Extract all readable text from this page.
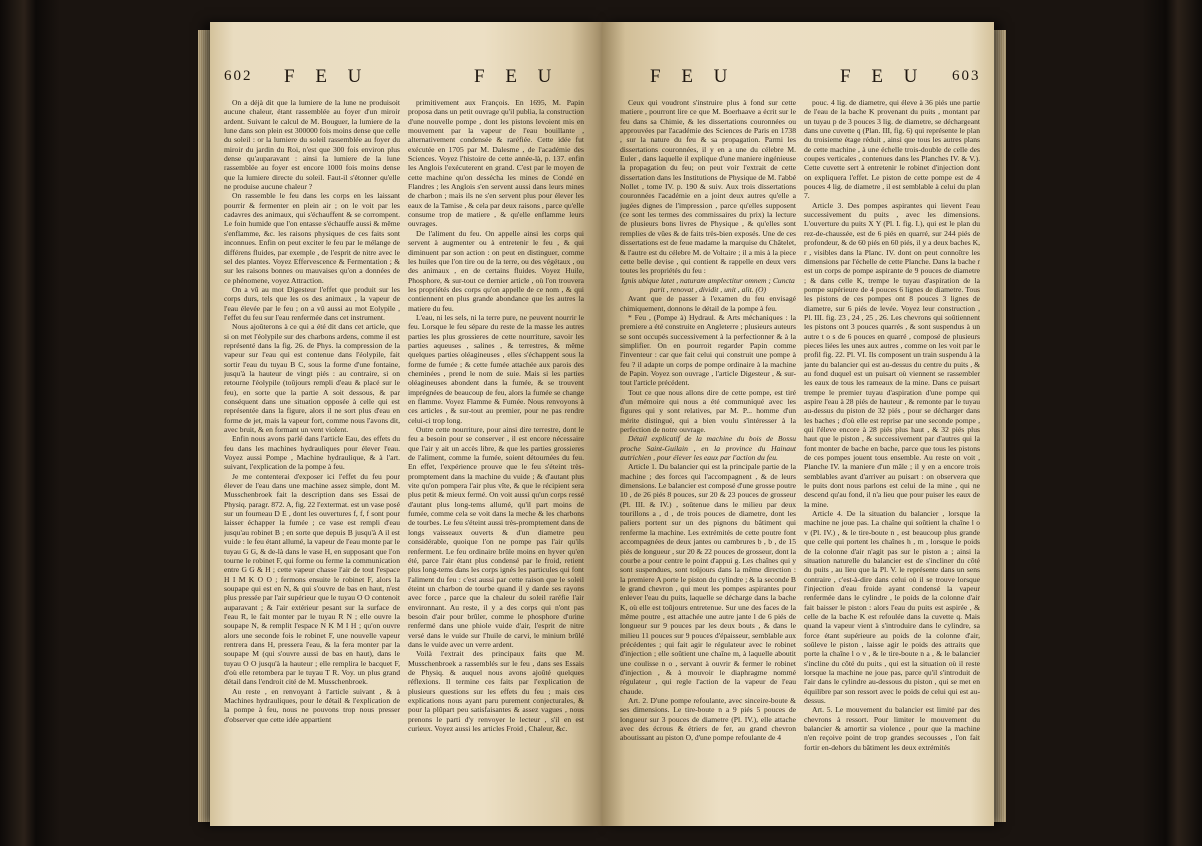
602 F E U	F E U

On a déjà dit que la lumiere de la lune ne produisoit aucune chaleur, étant rassemblée au foyer d'un miroir ardent. Suivant le calcul de M. Bouguer, la lumiere de la lune dans son plein est 300000 fois moins dense que celle du soleil : or la lumiere du soleil rassemblée au foyer du miroir du jardin du Roi, n'est que 300 fois environ plus dense qu'auparavant : ainsi la lumiere de la lune rassemblée au foyer est encore 1000 fois moins dense que la lumiere directe du soleil. Faut-il s'étonner qu'elle ne produise aucune chaleur ?

On rassemble le feu dans les corps en les laissant pourrir & fermenter en plein air ; on le voit par les cadavres des animaux, qui s'échauffent & se corrompent. Le foin humide que l'on entasse s'échauffe aussi & même s'enflamme, &c. les raisons physiques de ces faits sont inconnues. Enfin on peut exciter le feu par le mélange de différens fluides, par exemple , de l'esprit de nitre avec le sel des plantes. Voyez Effervescence & Fermentation ; & sur les raisons bonnes ou mauvaises qu'on a données de ce phénomene, voyez Attraction.

On a vû au mot Digesteur l'effet que produit sur les corps durs, tels que les os des animaux , la vapeur de l'eau élevée par le feu ; on a vû aussi au mot Eolypile , l'effet du feu sur l'eau renfermée dans cet instrument.

Nous ajoûterons à ce qui a été dit dans cet article, que si on met l'éolypile sur des charbons ardens, comme il est représenté dans la fig. 26. de Phys. la compression de la vapeur sur l'eau qui est contenue dans l'éolypile, fait sortir l'eau du tuyau B C, sous la forme d'une fontaine, jusqu'à la hauteur de vingt piés : au contraire, si on retourne l'éolypile (toûjours rempli d'eau & placé sur le feu), en sorte que la partie A soit dessous, & par conséquent dans une situation opposée à celle qui est représentée dans la figure, alors il ne sort plus d'eau en forme de jet, mais la vapeur fort, comme nous l'avons dit, avec bruit, & en formant un vent violent.

Enfin nous avons parlé dans l'article Eau, des effets du feu dans les machines hydrauliques pour élever l'eau. Voyez aussi Pompe , Machine hydraulique, & à l'art. suivant, l'explication de la pompe à feu.

Je me contenterai d'exposer ici l'effet du feu pour élever de l'eau dans une machine assez simple, dont M. Musschenbroek fait la description dans ses Essai de Physiq. paragr. 872. A, fig. 22 l'extermat. est un vase posé sur un fourneau D E , dont les ouvertures f, f, f sont pour laisser échapper la fumée ; ce vase est rempli d'eau jusqu'au robinet B ; en sorte que depuis B jusqu'à A il est vuide : le feu étant allumé, la vapeur de l'eau monte par le tuyau G G, & de-là dans le vase H, en supposant que l'on tourne le robinet F, qui forme ou ferme la communication entre G G & H ; cette vapeur chasse l'air de tout l'espace H I M K O O ; fermons ensuite le robinet F, alors la soupape qui est en N, & qui s'ouvre de bas en haut, n'est plus pressée par l'air supérieur que le tuyau O O contenoit auparavant ; & l'air extérieur pesant sur la surface de l'eau R, le fait monter par le tuyau R N ; elle ouvre la soupape N, & remplit l'espace N K M I H ; qu'on ouvre alors une seconde fois le robinet F, une nouvelle vapeur rentrera dans H, pressera l'eau, & la fera monter par la soupape M (qui s'ouvre aussi de bas en haut), dans le tuyau O O jusqu'à la hauteur ; elle remplira le bacquet F, d'où elle retombera par le tuyau T R. Voy. un plus grand détail dans l'endroit cité de M. Musschenbroek.

Au reste , en renvoyant à l'article suivant , & à Machines hydrauliques, pour le détail & l'explication de la pompe à feu, nous ne pouvons trop nous presser d'observer que cette idée appartient

primitivement aux François. En 1695, M. Papin proposa dans un petit ouvrage qu'il publia, la construction d'une nouvelle pompe , dont les pistons levoient mis en mouvement par la vapeur de l'eau bouillante , alternativement condensée & raréfiée. Cette idée fut exécutée en 1705 par M. Dalesme , de l'académie des Sciences. Voyez l'histoire de cette année-là, p. 137. enfin les Anglois l'exécuterent en grand. C'est par le moyen de cette machine qu'on dessécha les mines de Condé en Flandres ; les Anglois s'en servent aussi dans leurs mines de charbon ; mais ils ne s'en servent plus pour élever les eaux de la Tamise , & cela par deux raisons , parce qu'elle consume trop de matiere , & qu'elle enflamme leurs ouvrages.

De l'aliment du feu. On appelle ainsi les corps qui servent à augmenter ou à entretenir le feu , & qui diminuent par son action : on peut en distinguer, comme les huiles que l'on tire ou de la terre, ou des végétaux , ou des animaux , en de certains fluides. Voyez Huile, Phosphore, & sur-tout ce dernier article , où l'on trouvera les propriétés des corps qu'on appelle de ce nom , & qui contiennent en plus grande abondance que les autres la matiere du feu.

L'eau, ni les sels, ni la terre pure, ne peuvent nourrir le feu. Lorsque le feu sépare du reste de la masse les autres parties les plus grossieres de cette nourriture, savoir les parties aqueuses , salines , & terrestres, & même quelques parties oléagineuses , elles s'échappent sous la forme de fumée ; & cette fumée attachée aux parois des cheminées , prend le nom de suie. Mais si les parties oléagineuses abondent dans la fumée, & se trouvent imprégnées de beaucoup de feu, alors la fumée se change en flamme. Voyez Flamme & Fumée. Nous renvoyons à ces articles , & sur-tout au premier, pour ne pas rendre celui-ci trop long.

Outre cette nourriture, pour ainsi dire terrestre, dont le feu a besoin pour se conserver , il est encore nécessaire que l'air y ait un accès libre, & que les parties grossieres de l'aliment, comme la fumée, soient détournées du feu. En effet, l'expérience prouve que le feu s'éteint très-promptement dans la machine du vuide ; & d'autant plus vite qu'on pompera l'air plus vîte, & que le récipient sera plus petit & mieux fermé. On voit aussi qu'un corps ressé d'autant plus long-tems allumé, qu'il part moins de fumée, comme cela se voit dans la meche & les charbons de tourbes. Le feu s'éteint aussi très-promptement dans de longs vaisseaux ouverts & d'un diametre peu considérable, quoique l'on ne pompe pas l'air qu'ils renferment. Le feu ordinaire brûle moins en hyver qu'en été, parce l'air étant plus condensé par le froid, retient plus long-tems dans les corps ignés les particules qui font l'aliment du feu : c'est aussi par cette raison que le soleil éteint un charbon de tourbe quand il y darde ses rayons avec force , parce que la chaleur du soleil raréfie l'air environnant. Au reste, il y a des corps qui n'ont pas besoin d'air pour brûler, comme le phosphore d'urine renfermé dans une phiole vuide d'air, l'esprit de nitre versé dans le vuide sur l'huile de carvi, le minium brûlé dans le vuide avec un verre ardent.

Voilà l'extrait des principaux faits que M. Musschenbroek a rassemblés sur le feu , dans ses Essais de Physiq. & auquel nous avons ajoûté quelques réflexions. Il termine ces faits par l'explication de plusieurs questions sur les effets du feu ; mais ces explications nous ayant paru purement conjecturales, & pour la plûpart peu satisfaisantes & assez vagues , nous prenons le parti d'y renvoyer le lecteur , s'il en est curieux. Voyez aussi les articles Froid , Chaleur, &c.

F E U	F E U 603

Ceux qui voudront s'instruire plus à fond sur cette matiere , pourront lire ce que M. Boerhaave a écrit sur le feu dans sa Chimie, & les dissertations couronnées ou approuvées par l'académie des Sciences de Paris en 1738 , sur la nature du feu & sa propagation. Parmi les dissertations couronnées, il y en a une du célebre M. Euler , dans laquelle il explique d'une maniere ingénieuse la propagation du feu; on peut voir l'extrait de cette dissertation dans les Institutions de Physique de M. l'abbé Nollet , tome IV. p. 190 & suiv. Aux trois dissertations couronnées l'académie en a joint deux autres qu'elle a jugées dignes de l'impression , parce qu'elles supposent (ce sont les termes des commissaires du prix) la lecture de plusieurs bons livres de Physique , & qu'elles sont remplies de vûes & de faits très-bien exposés. Une de ces dissertations est de feue madame la marquise du Châtelet, & l'autre est du célebre M. de Voltaire ; il a mis à la piece cette belle devise , qui contient & rappelle en deux vers toutes les propriétés du feu :

Ignis ubique latet , naturam amplectitur omnem ; Cuncta parit , renovat , dividit , unit , alit. (O)

Avant que de passer à l'examen du feu envisagé chimiquement, donnons le détail de la pompe à feu.

* Feu , (Pompe à) Hydraul. & Arts méchaniques : la premiere a été construite en Angleterre ; plusieurs auteurs se sont occupés successivement à la perfectionner & à la simplifier. On en pourroit regarder Papin comme l'inventeur : car que fait celui qui construit une pompe à feu ? il adapte un corps de pompe ordinaire à la machine de Papin. Voyez son ouvrage , l'article Digesteur , & sur-tout l'article précédent.

Tout ce que nous allons dire de cette pompe, est tiré d'un mémoire qui nous a été communiqué avec les figures qui y sont relatives, par M. P... homme d'un mérite distingué, qui a bien voulu s'intéresser à la perfection de notre ouvrage.

Détail explicatif de la machine du bois de Bossu proche Saint-Guilain , en la province du Hainaut autrichien , pour élever les eaux par l'action du feu.

Article 1. Du balancier qui est la principale partie de la machine ; des forces qui l'accompagnent , & de leurs dimensions. Le balancier est composé d'une grosse poutre 10 , de 26 piés 8 pouces, sur 20 & 23 pouces de grosseur (Pl. III. & IV.) , soûtenue dans le milieu par deux tourillons a , d , de trois pouces de diametre, dont les paliers portent sur un des pignons du bâtiment qui renferme la machine. Les extrémités de cette poutre font accompagnées de deux jantes ou cambrures b , b , de 15 piés de longueur , sur 20 & 22 pouces de grosseur, dont la courbe a pour centre le point d'appui g. Les chaînes qui y sont suspendues, sont toûjours dans la même direction : la premiere A porte le piston du cylindre ; & la seconde B le grand chevron , qui meut les pompes aspirantes pour enlever l'eau du puits, laquelle se décharge dans la bache K, où elle est toûjours entretenue. Sur une des faces de la même poutre , est attachée une autre jante l de 6 piés de longueur sur 9 pouces par les deux bouts , & dans le milieu 11 pouces sur 9 pouces d'épaisseur, semblable aux précédentes ; qui fait agir le régulateur avec le robinet d'injection ; elle soûtient une chaîne m, à laquelle aboutit une coulisse n o , servant à ouvrir & fermer le robinet d'injection , & à mouvoir le diaphragme nommé régulateur , qui regle l'action de la vapeur de l'eau chaude.

Art. 2. D'une pompe refoulante, avec sinceire-boute & ses dimensions. Le tire-boute n a 9 piés 5 pouces de longueur sur 3 pouces de diametre (Pl. IV.), elle attache avec des écrous & étriers de fer, au grand chevron aboutissant au piston O, d'une pompe refoulante de 4

pouc. 4 lig. de diametre, qui éleve à 36 piés une partie de l'eau de la bache K provenant du puits , montant par un tuyau p de 3 pouces 3 lig. de diametre, se déchargeant dans une cuvette q (Plan. III, fig. 6) qui représente le plan du troisieme étage réduit , ainsi que tous les autres plans de cette machine , à une échelle trois-double de celle des coupes verticales , contenues dans les Planches IV. & V.). Cette cuvette sert à entretenir le robinet d'injection dont on expliquera l'effet. Le piston de cette pompe est de 4 pouces 4 lig. de diametre , il est semblable à celui du plan 7.

Article 3. Des pompes aspirantes qui lievent l'eau successivement du puits , avec les dimensions. L'ouverture du puits X Y (Pl. I. fig. I.), qui est le plan du rez-de-chaussée, est de 6 piés en quarré, sur 244 piés de profondeur, & de 60 piés en 60 piés, il y a deux baches K, r , visibles dans la Planc. IV. dont on peut connoître les dimensions par l'échelle de cette Planche. Dans la bache r est un corps de pompe aspirante de 9 pouces de diametre ; & dans celle K, trempe le tuyau d'aspiration de la pompe supérieure de 4 pouces 6 lignes de diametre. Tous les pistons de ces pompes ont 8 pouces 3 lignes de diametre, sur 6 piés de levée. Voyez leur construction , Pl. III. fig. 23 , 24 , 25 , 26. Les chevrons qui soûtiennent les pistons ont 3 pouces quarrés , & sont suspendus à un autre t o s de 6 pouces en quarré , composé de plusieurs pieces liées les unes aux autres , comme on les voit par le profil fig. 22. Pl. VI. Ils composent un train suspendu à la jante du balancier qui est au-dessus du centre du puits , & au fond duquel est un puisart où viennent se rassembler les eaux de tous les rameaux de la mine. Dans ce puisart trempe le premier tuyau d'aspiration d'une pompe qui aspire l'eau à 28 piés de hauteur , & remonte par le tuyau au-dessus du piston de 32 piés , pour se décharger dans les baches ; d'où elle est reprise par une seconde pompe , qui l'éleve encore à 28 piés plus haut , & 32 piés plus haut que le piston , & successivement par d'autres qui la font monter de bache en bache, parce que tous les pistons de ces pompes jouent tous ensemble. Au reste on voit , Planche IV. la maniere d'un mâle ; il y en a encore trois semblables avant d'arriver au puisart : on observera que le puits dont nous parlons est celui de la mine , qui ne descend qu'au fond, il n'a lieu que pour puiser les eaux de la mine.

Article 4. De la situation du balancier , lorsque la machine ne joue pas. La chaîne qui soûtient la chaîne l o v (Pl. IV.) , & le tire-boute n , est beaucoup plus grande que celle qui portent les chaînes h , m , lorsque le poids de la colonne d'air n'agit pas sur le piston a ; ainsi la situation naturelle du balancier est de s'incliner du côté du puits , au lieu que la Pl. V. le représente dans un sens contraire , c'est-à-dire dans celui où il se trouve lorsque l'injection d'eau froide ayant condensé la vapeur renfermée dans le cylindre , le poids de la colonne d'air fait baisser le piston : alors l'eau du puits est aspirée , & celle de la bache K est refoulée dans la cuvette q. Mais quand la vapeur vient à s'introduire dans le cylindre, sa force étant supérieure au poids de la colonne d'air, soûleve le piston , laisse agir le poids des attraits que porte la chaîne l o v , & le tire-boute n a , & le balancier s'incline du côté du puits , qui est la situation où il reste lorsque la machine ne joue pas, parce qu'il s'introduit de l'air dans le cylindre au-dessous du piston , qui se met en équilibre par son ressort avec le poids de celui qui est au-dessus.

Art. 5. Le mouvement du balancier est limité par des chevrons à ressort. Pour limiter le mouvement du balancier & amortir sa violence , pour que la machine n'en reçoive point de trop grandes secousses , l'on fait fortir en-dehors du bâtiment les deux extrémités
